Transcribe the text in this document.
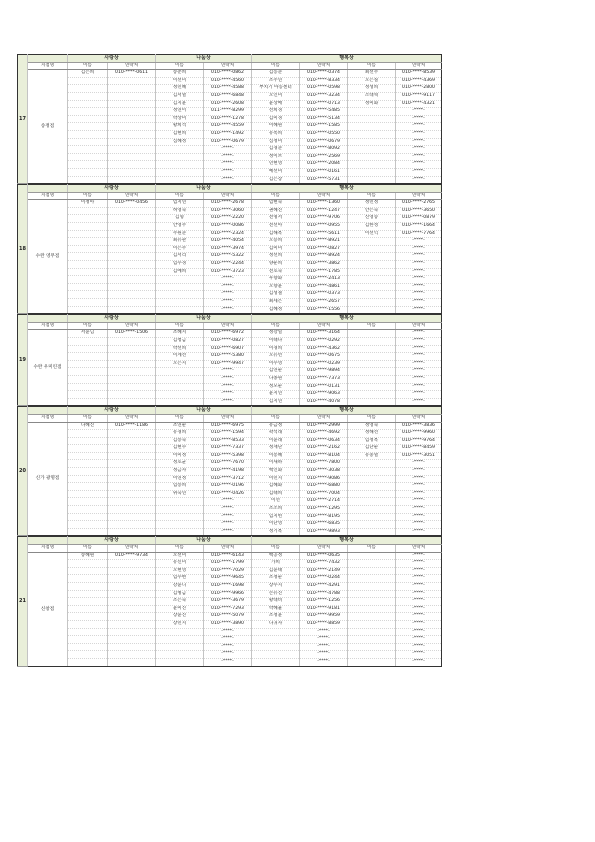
17		사랑상		나눔상		행복상			
	지점명	이름	연락처	이름	연락처	이름	연락처	이름	연락처
	송정점	김은희	010-****-0611	송춘희	010-****-0862	김동준	010-****-0374	최선주	010-****-8539
				이선미	010-****-4560	조주연	010-****-8334	오은실	010-****-4369
				정민혜	010-****-4588	부치기 아동센터	010-****-0598	정성희	010-****-2800
				김서열	010-****-6848	오인미	010-****-3234	소대혁	010-****-9117
				김지윤	010-****-2608	윤상배	010-****-0713	정미화	010-****-4321
				정연이	011-****-8299	선희경	010-****-5485		-****-
				박상미	010-****-1278	김미경	010-****-5134		-****-
				황희석	010-****-4559	이혜원	010-****-1585		-****-
				김현희	010-****-1492	유옥희	010-****-0550		-****-
				심혜정	010-****-0679	심정미	010-****-0679		-****-
					-****-	김경준	010-****-8092		-****-
					-****-	정이브	010-****-2569		-****-
					-****-	민현영	010-****-2084		-****-
					-****-	예선미	010-****-0161		-****-
					-****-	김은장	010-****-5731		-****-
18		사랑상		나눔상		행복상			
	지점명	이름	연락처	이름	연락처	이름	연락처	이름	연락처
	수완 영무점	이정아	010-****-0456	임지연	010-****-2678	임현숙	010-****-1360	정민정	010-****-2765
				허영숙	010-****-3060	권혜진	010-****-1247	안은숙	010-****-3650
				김형	010-****-2220	전명서	010-****-9706	신영승	010-****-0879
				안영주	010-****-0086	전선아	010-****-0955	김한성	010-****-1664
				주원준	010-****-2324	김해옥	010-****-5611	이선익	010-****-7764
				최유관	010-****-4054	오승희	010-****-8921		-****-
				이은주	010-****-3974	김미미	010-****-0827		-****-
				김서리	010-****-5322	정선희	010-****-8924		-****-
				임수경	010-****-2244	양운희	010-****-3862		-****-
				김예희	010-****-3723	전호숙	010-****-1785		-****-
					-****-	우향화	010-****-2413		-****-
					-****-	오향윤	010-****-4861		-****-
					-****-	김성철	010-****-0373		-****-
					-****-	최세은	010-****-2657		-****-
					-****-	김혜정	010-****-1556		-****-
19		사랑상		나눔상		행복상			
	지점명	이름	연락처	이름	연락처	이름	연락처	이름	연락처
	수완 우미린점	서윤님	010-****-1506	조혜지	010-****-6972	정강일	010-****-3164		-****-
				김청금	010-****-0827	이태다	010-****-0292		-****-
				박선희	010-****-6907	이경희	010-****-4362		-****-
				이계선	010-****-5380	오유빈	010-****-0675		-****-
				오은지	010-****-9947	이수영	010-****-0239		-****-
					-****-	김연순	010-****-9894		-****-
					-****-	나종원	010-****-7373		-****-
					-****-	정모순	010-****-0131		-****-
					-****-	윤지연	010-****-9063		-****-
					-****-	김지연	010-****-4078		-****-
20		사랑상		나눔상		행복상			
	지점명	이름	연락처	이름	연락처	이름	연락처	이름	연락처
	신가 광명점	나혜진	010-****-1186	조연순	010-****-6975	유금정	010-****-2999	정영숙	010-****-3836
				유경희	010-****-1594	곽석래	010-****-4692	정해선	010-****-9960
				김송숙	010-****-8533	이윤래	010-****-0634	임정옥	010-****-9764
				김현수	010-****-7337	정재단	010-****-2162	김난순	010-****-8459
				이미정	010-****-5398	이봉혜	010-****-8104	유중열	010-****-3051
				정호균	010-****-7670	이새하	010-****-7800		-****-
				정금자	010-****-4198	백인화	010-****-3038		-****-
				이연정	010-****-3712	이민지	010-****-9086		-****-
				임송희	010-****-0196	김혜화	010-****-6880		-****-
				위숙연	010-****-0426	김태희	010-****-7004		-****-
					-****-	이선	010-****-2714		-****-
					-****-	조소희	010-****-1295		-****-
					-****-	임지헌	010-****-8195		-****-
					-****-	이난영	010-****-6835		-****-
					-****-	정기옥	010-****-9893		-****-
21		사랑상		나눔상		행복상			
	지점명	이름	연락처	이름	연락처	이름	연락처	이름	연락처
	신창점	송혜원	010-****-9734	오선미	010-****-6143	백공정	010-****-0635		-****-
				유신미	010-****-1799	가희	010-****-7432		-****-
				오현영	010-****-7029	김윤태	010-****-2149		-****-
				임수현	010-****-9645	조정순	010-****-0244		-****-
				강윤니	010-****-1698	장수지	010-****-4291		-****-
				김병금	010-****-9966	손유진	010-****-4788		-****-
				조은숙	010-****-3679	황대비	010-****-1256		-****-
				윤미진	010-****-7293	박혜율	010-****-9181		-****-
				장윤진	010-****-5079	조정윤	010-****-9959		-****-
				장민지	010-****-3890	나귀자	010-****-8859		-****-
					-****-		-****-		-****-
					-****-		-****-		-****-
					-****-		-****-		-****-
					-****-		-****-		-****-
					-****-		-****-		-****-
